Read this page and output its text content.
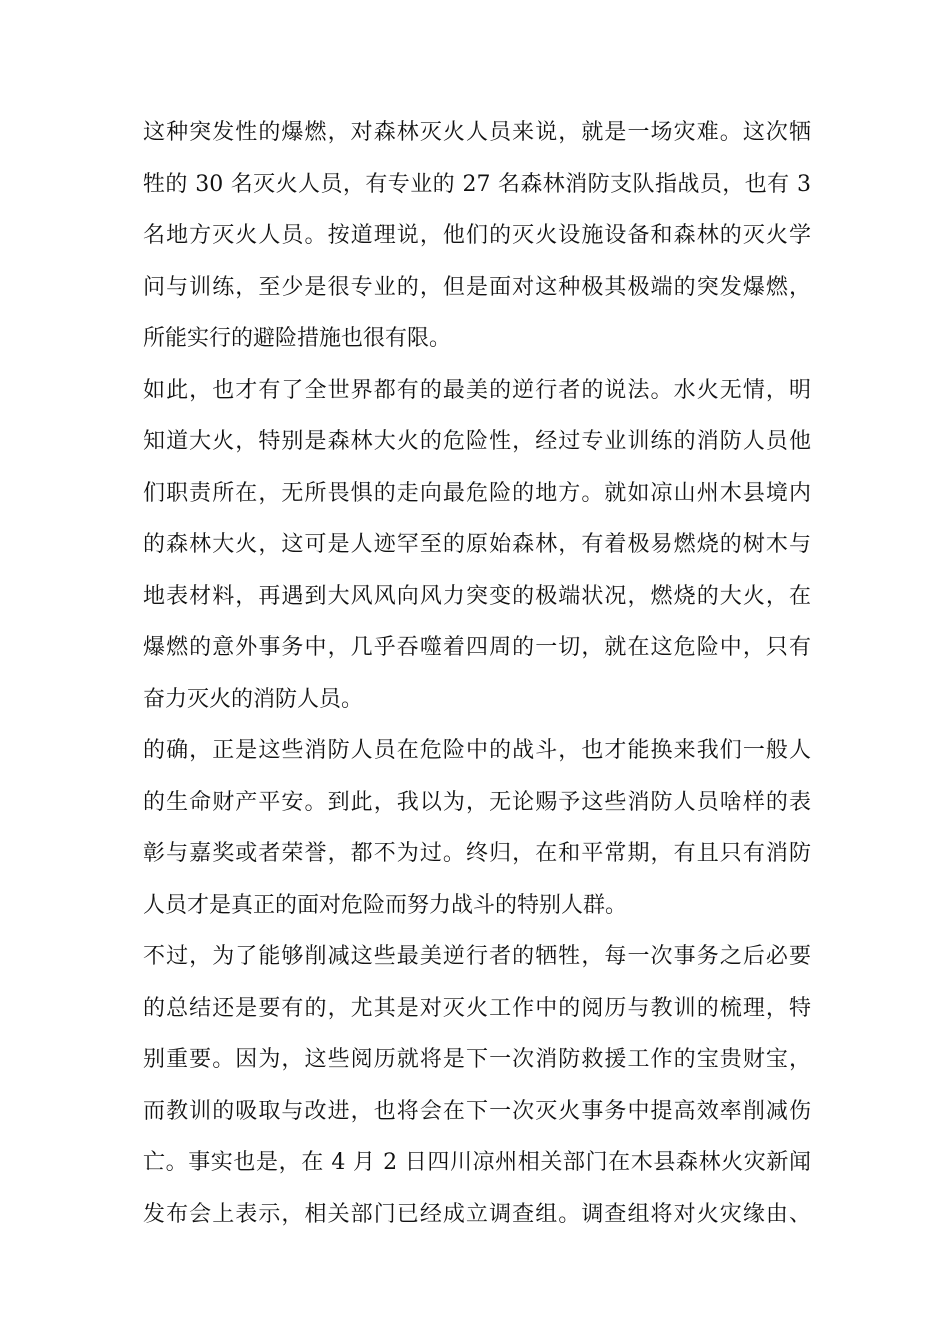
这种突发性的爆燃，对森林灭火人员来说，就是一场灾难。这次牺
牲的 30 名灭火人员，有专业的 27 名森林消防支队指战员，也有 3
名地方灭火人员。按道理说，他们的灭火设施设备和森林的灭火学
问与训练，至少是很专业的，但是面对这种极其极端的突发爆燃，
所能实行的避险措施也很有限。
如此，也才有了全世界都有的最美的逆行者的说法。水火无情，明
知道大火，特别是森林大火的危险性，经过专业训练的消防人员他
们职责所在，无所畏惧的走向最危险的地方。就如凉山州木县境内
的森林大火，这可是人迹罕至的原始森林，有着极易燃烧的树木与
地表材料，再遇到大风风向风力突变的极端状况，燃烧的大火，在
爆燃的意外事务中，几乎吞噬着四周的一切，就在这危险中，只有
奋力灭火的消防人员。
的确，正是这些消防人员在危险中的战斗，也才能换来我们一般人
的生命财产平安。到此，我以为，无论赐予这些消防人员啥样的表
彰与嘉奖或者荣誉，都不为过。终归，在和平常期，有且只有消防
人员才是真正的面对危险而努力战斗的特别人群。
不过，为了能够削减这些最美逆行者的牺牲，每一次事务之后必要
的总结还是要有的，尤其是对灭火工作中的阅历与教训的梳理，特
别重要。因为，这些阅历就将是下一次消防救援工作的宝贵财宝，
而教训的吸取与改进，也将会在下一次灭火事务中提高效率削减伤
亡。事实也是，在 4 月 2 日四川凉州相关部门在木县森林火灾新闻
发布会上表示，相关部门已经成立调查组。调查组将对火灾缘由、
